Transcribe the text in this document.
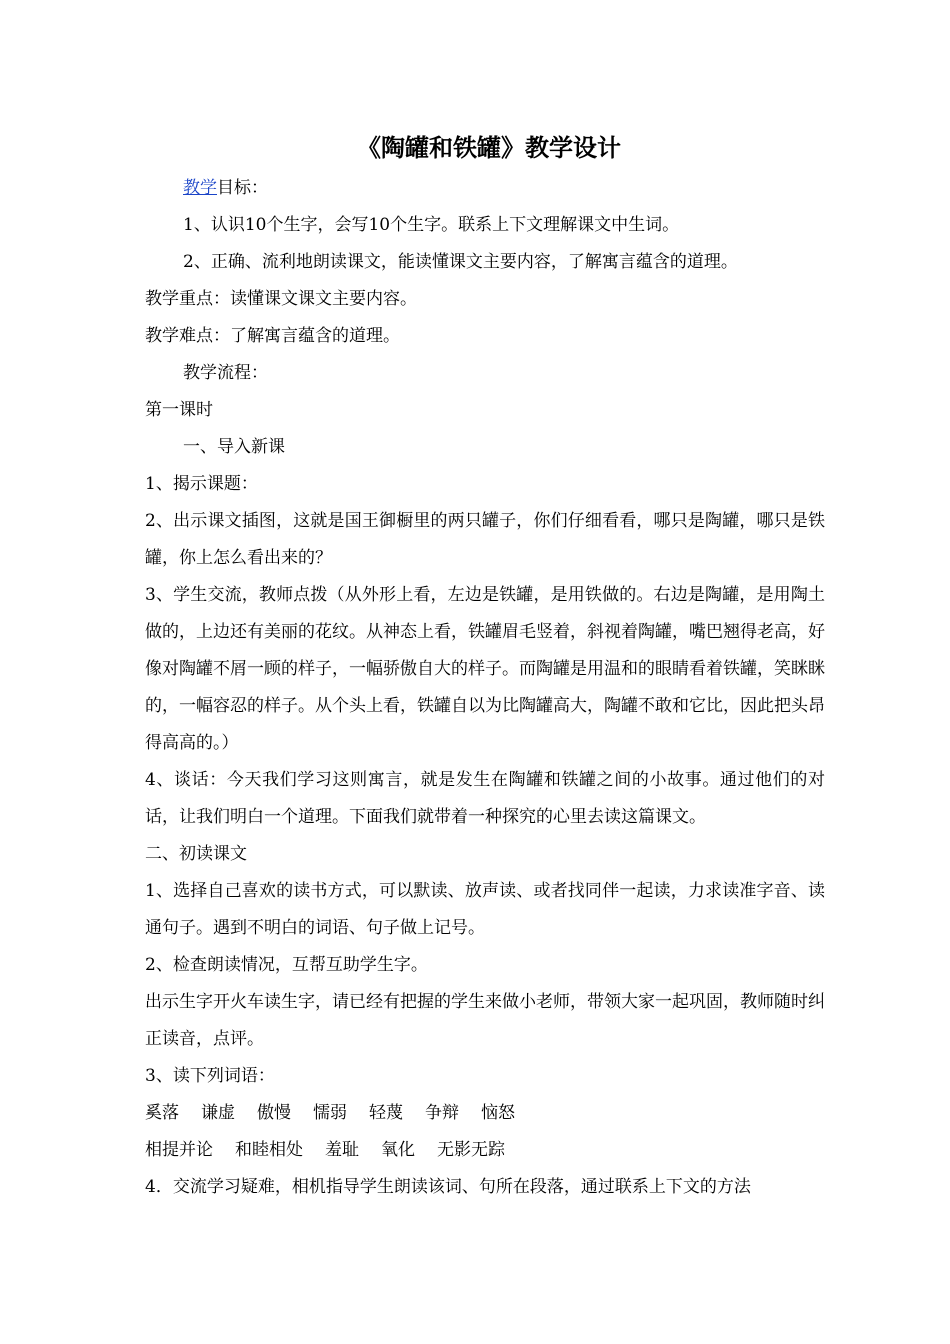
《陶罐和铁罐》教学设计

教学目标：

1、认识10个生字，会写10个生字。联系上下文理解课文中生词。

2、正确、流利地朗读课文，能读懂课文主要内容，了解寓言蕴含的道理。

教学重点：读懂课文课文主要内容。

教学难点：了解寓言蕴含的道理。

教学流程：

第一课时

一、导入新课

1、揭示课题：

2、出示课文插图，这就是国王御橱里的两只罐子，你们仔细看看，哪只是陶罐，哪只是铁罐，你上怎么看出来的？

3、学生交流，教师点拨（从外形上看，左边是铁罐，是用铁做的。右边是陶罐，是用陶土做的，上边还有美丽的花纹。从神态上看，铁罐眉毛竖着，斜视着陶罐，嘴巴翘得老高，好像对陶罐不屑一顾的样子，一幅骄傲自大的样子。而陶罐是用温和的眼睛看着铁罐，笑眯眯的，一幅容忍的样子。从个头上看，铁罐自以为比陶罐高大，陶罐不敢和它比，因此把头昂得高高的。）

4、谈话：今天我们学习这则寓言，就是发生在陶罐和铁罐之间的小故事。通过他们的对话，让我们明白一个道理。下面我们就带着一种探究的心里去读这篇课文。

二、初读课文

1、选择自己喜欢的读书方式，可以默读、放声读、或者找同伴一起读，力求读准字音、读通句子。遇到不明白的词语、句子做上记号。

2、检查朗读情况，互帮互助学生字。

出示生字开火车读生字，请已经有把握的学生来做小老师，带领大家一起巩固，教师随时纠正读音，点评。

3、读下列词语：

奚落 谦虚 傲慢 懦弱 轻蔑 争辩 恼怒

相提并论 和睦相处 羞耻 氧化 无影无踪

4．交流学习疑难，相机指导学生朗读该词、句所在段落，通过联系上下文的方法
